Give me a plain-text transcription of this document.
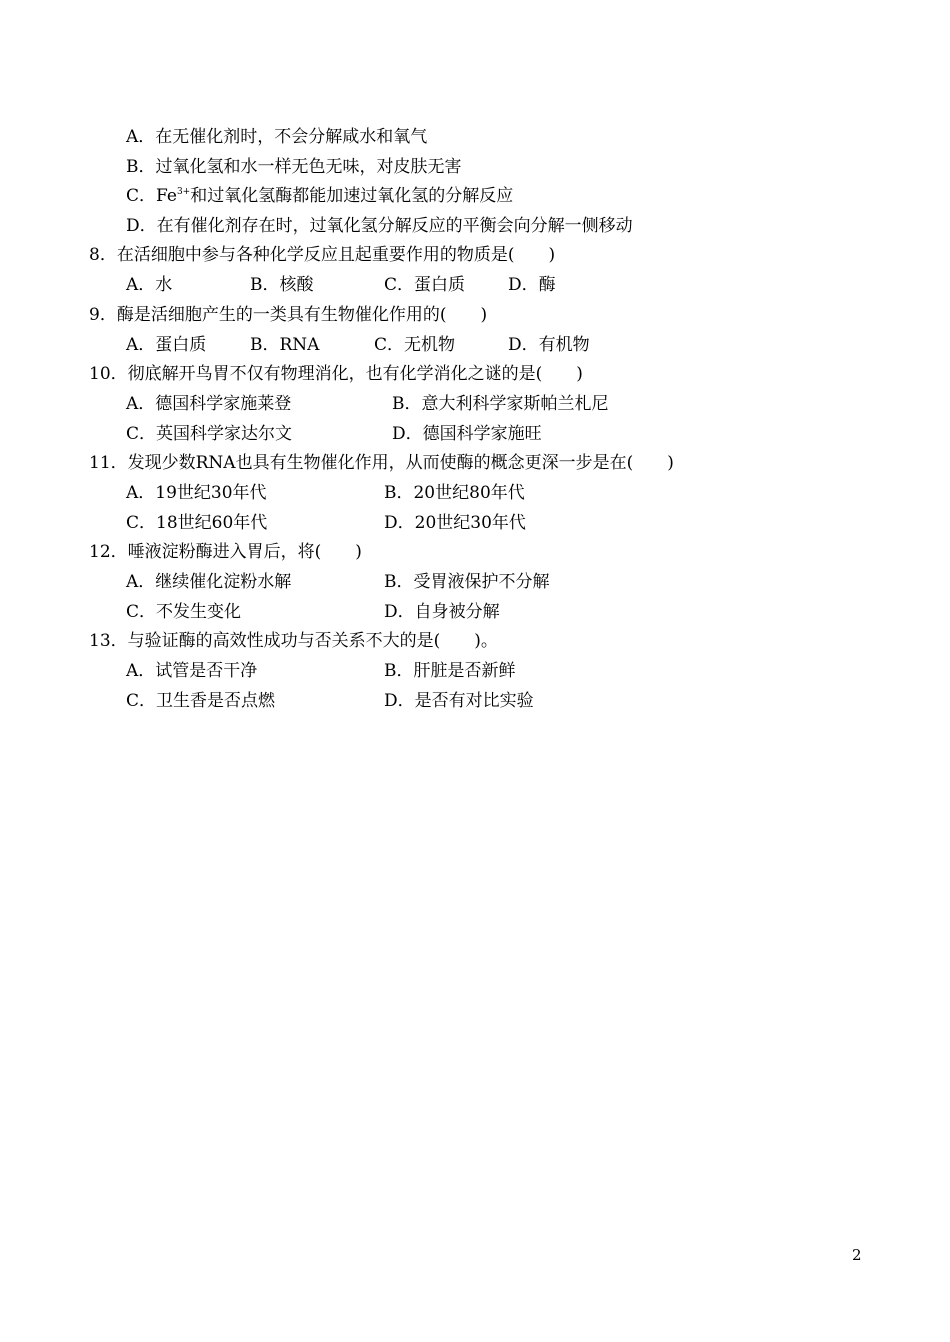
A．在无催化剂时，不会分解咸水和氧气
B．过氧化氢和水一样无色无味，对皮肤无害
C．$Fe^{3+}$和过氧化氢酶都能加速过氧化氢的分解反应
D．在有催化剂存在时，过氧化氢分解反应的平衡会向分解一侧移动
8．在活细胞中参与各种化学反应且起重要作用的物质是(　　)
A．水	B．核酸	C．蛋白质	D．酶
9．酶是活细胞产生的一类具有生物催化作用的(　　)
A．蛋白质	B．RNA	C．无机物	D．有机物
10．彻底解开鸟胃不仅有物理消化，也有化学消化之谜的是(　　)
A．德国科学家施莱登	B．意大利科学家斯帕兰札尼
C．英国科学家达尔文	D．德国科学家施旺
11．发现少数RNA也具有生物催化作用，从而使酶的概念更深一步是在(　　)
A．19世纪30年代	B．20世纪80年代
C．18世纪60年代	D．20世纪30年代
12．唾液淀粉酶进入胃后，将(　　)
A．继续催化淀粉水解	B．受胃液保护不分解
C．不发生变化	D．自身被分解
13．与验证酶的高效性成功与否关系不大的是(　　)。
A．试管是否干净	B．肝脏是否新鲜
C．卫生香是否点燃	D．是否有对比实验
2
